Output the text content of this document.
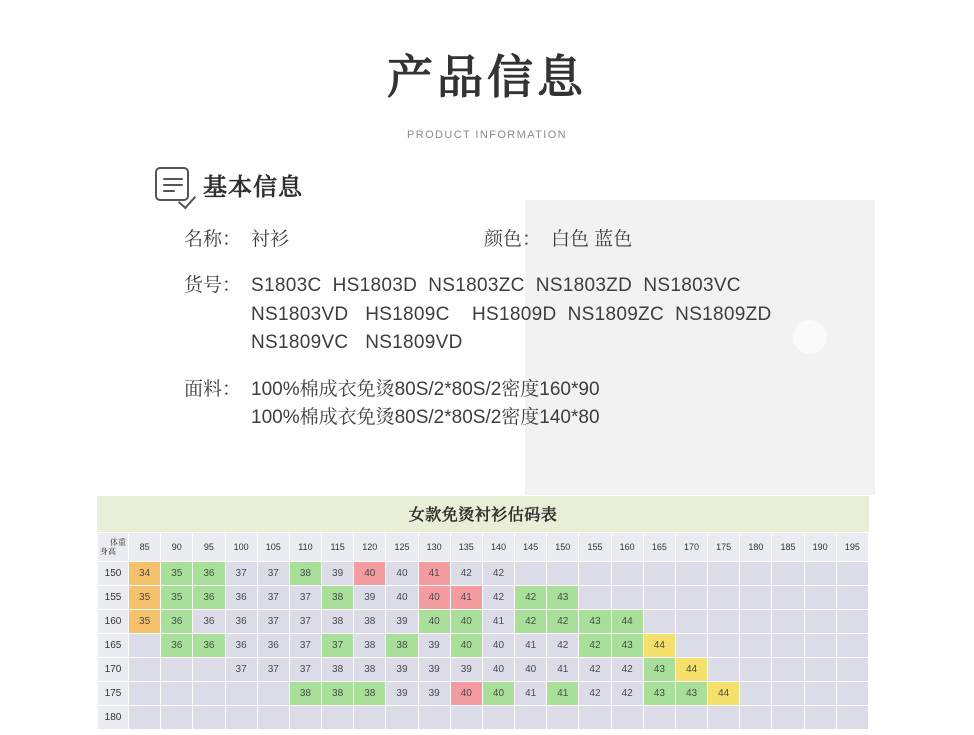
产品信息
PRODUCT INFORMATION
基本信息
名称： 衬衫	颜色： 白色 蓝色
货号： S1803C  HS1803D  NS1803ZC  NS1803ZD  NS1803VC
NS1803VD   HS1809C    HS1809D  NS1809ZC  NS1809ZD
NS1809VC   NS1809VD
面料： 100%棉成衣免烫80S/2*80S/2密度160*90
100%棉成衣免烫80S/2*80S/2密度140*80
女款免烫衬衫估码表
体重
身高	85	90	95	100	105	110	115	120	125	130	135	140	145	150	155	160	165	170	175	180	185	190	195
150	34	35	36	37	37	38	39	40	40	41	42	42											
155	35	35	36	36	37	37	38	39	40	40	41	42	42	43									
160	35	36	36	36	37	37	38	38	39	40	40	41	42	42	43	44							
165		36	36	36	36	37	37	38	38	39	40	40	41	42	42	43	44						
170				37	37	37	38	38	39	39	39	40	40	41	42	42	43	44					
175						38	38	38	39	39	40	40	41	41	42	42	43	43	44				
180																							
